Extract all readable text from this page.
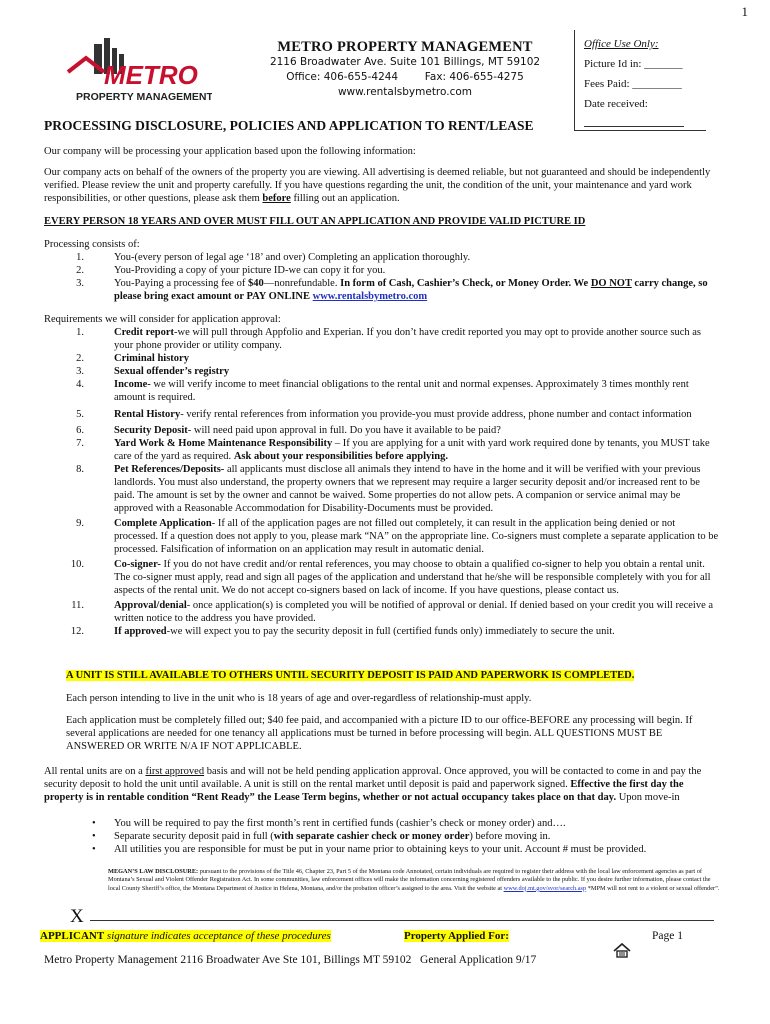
1
METRO
PROPERTY MANAGEMENT
METRO PROPERTY MANAGEMENT
2116 Broadwater Ave. Suite 101 Billings, MT 59102
Office: 406-655-4244        Fax: 406-655-4275
www.rentalsbymetro.com
Office Use Only:
Picture Id in: _______
Fees Paid: _________
Date received:
PROCESSING DISCLOSURE, POLICIES AND APPLICATION TO RENT/LEASE
Our company will be processing your application based upon the following information:
Our company acts on behalf of the owners of the property you are viewing. All advertising is deemed reliable, but not guaranteed and should be independently verified. Please review the unit and property carefully. If you have questions regarding the unit, the condition of the unit, your maintenance and yard work responsibilities, or other questions, please ask them before filling out an application.
EVERY PERSON 18 YEARS AND OVER MUST FILL OUT AN APPLICATION AND PROVIDE VALID PICTURE ID
Processing consists of:
1.	You-(every person of legal age ‘18’ and over) Completing an application thoroughly.
2.	You-Providing a copy of your picture ID-we can copy it for you.
3.	You-Paying a processing fee of $40—nonrefundable. In form of Cash, Cashier’s Check, or Money Order. We DO NOT carry change, so please bring exact amount or PAY ONLINE www.rentalsbymetro.com
Requirements we will consider for application approval:
1.	Credit report-we will pull through Appfolio and Experian. If you don’t have credit reported you may opt to provide another source such as your phone provider or utility company.
2.	Criminal history
3.	Sexual offender’s registry
4.	Income- we will verify income to meet financial obligations to the rental unit and normal expenses. Approximately 3 times monthly rent amount is required.
5.	Rental History- verify rental references from information you provide-you must provide address, phone number and contact information
6.	Security Deposit- will need paid upon approval in full. Do you have it available to be paid?
7.	Yard Work & Home Maintenance Responsibility – If you are applying for a unit with yard work required done by tenants, you MUST take care of the yard as required. Ask about your responsibilities before applying.
8.	Pet References/Deposits- all applicants must disclose all animals they intend to have in the home and it will be verified with your previous landlords. You must also understand, the property owners that we represent may require a larger security deposit and/or increased rent to be paid. The amount is set by the owner and cannot be waived. Some properties do not allow pets. A companion or service animal may be approved with a Reasonable Accommodation for Disability-Documents must be provided.
9.	Complete Application- If all of the application pages are not filled out completely, it can result in the application being denied or not processed. If a question does not apply to you, please mark “NA” on the appropriate line. Co-signers must complete a separate application to be processed. Falsification of information on an application may result in automatic denial.
10.	Co-signer- If you do not have credit and/or rental references, you may choose to obtain a qualified co-signer to help you obtain a rental unit. The co-signer must apply, read and sign all pages of the application and understand that he/she will be responsible completely with you for all aspects of the rental unit. We do not accept co-signers based on lack of income. If you have questions, please contact us.
11.	Approval/denial- once application(s) is completed you will be notified of approval or denial. If denied based on your credit you will receive a written notice to the address you have provided.
12.	If approved-we will expect you to pay the security deposit in full (certified funds only) immediately to secure the unit.
A UNIT IS STILL AVAILABLE TO OTHERS UNTIL SECURITY DEPOSIT IS PAID AND PAPERWORK IS COMPLETED.
Each person intending to live in the unit who is 18 years of age and over-regardless of relationship-must apply.
Each application must be completely filled out; $40 fee paid, and accompanied with a picture ID to our office-BEFORE any processing will begin. If several applications are needed for one tenancy all applications must be turned in before processing will begin. ALL QUESTIONS MUST BE ANSWERED OR WRITE N/A IF NOT APPLICABLE.
All rental units are on a first approved basis and will not be held pending application approval. Once approved, you will be contacted to come in and pay the security deposit to hold the unit until available. A unit is still on the rental market until deposit is paid and paperwork signed. Effective the first day the property is in rentable condition “Rent Ready” the Lease Term begins, whether or not actual occupancy takes place on that day. Upon move-in
• You will be required to pay the first month’s rent in certified funds (cashier’s check or money order) and….
• Separate security deposit paid in full (with separate cashier check or money order) before moving in.
• All utilities you are responsible for must be put in your name prior to obtaining keys to your unit. Account # must be provided.
MEGAN’S LAW DISCLOSURE: pursuant to the provisions of the Title 46, Chapter 23, Part 5 of the Montana code Annotated, certain individuals are required to register their address with the local law enforcement agencies as part of Montana’s Sexual and Violent Offender Registration Act. In some communities, law enforcement offices will make the information concerning registered offenders available to the public. If you desire further information, please contact the local County Sheriff’s office, the Montana Department of Justice in Helena, Montana, and/or the probation officer’s assigned to the area. Visit the website at www.doj.mt.gov/svor/search.asp *MPM will not rent to a violent or sexual offender”.
X
APPLICANT signature indicates acceptance of these procedures	Property Applied For:	Page 1
Metro Property Management 2116 Broadwater Ave Ste 101, Billings MT 59102   General Application 9/17
